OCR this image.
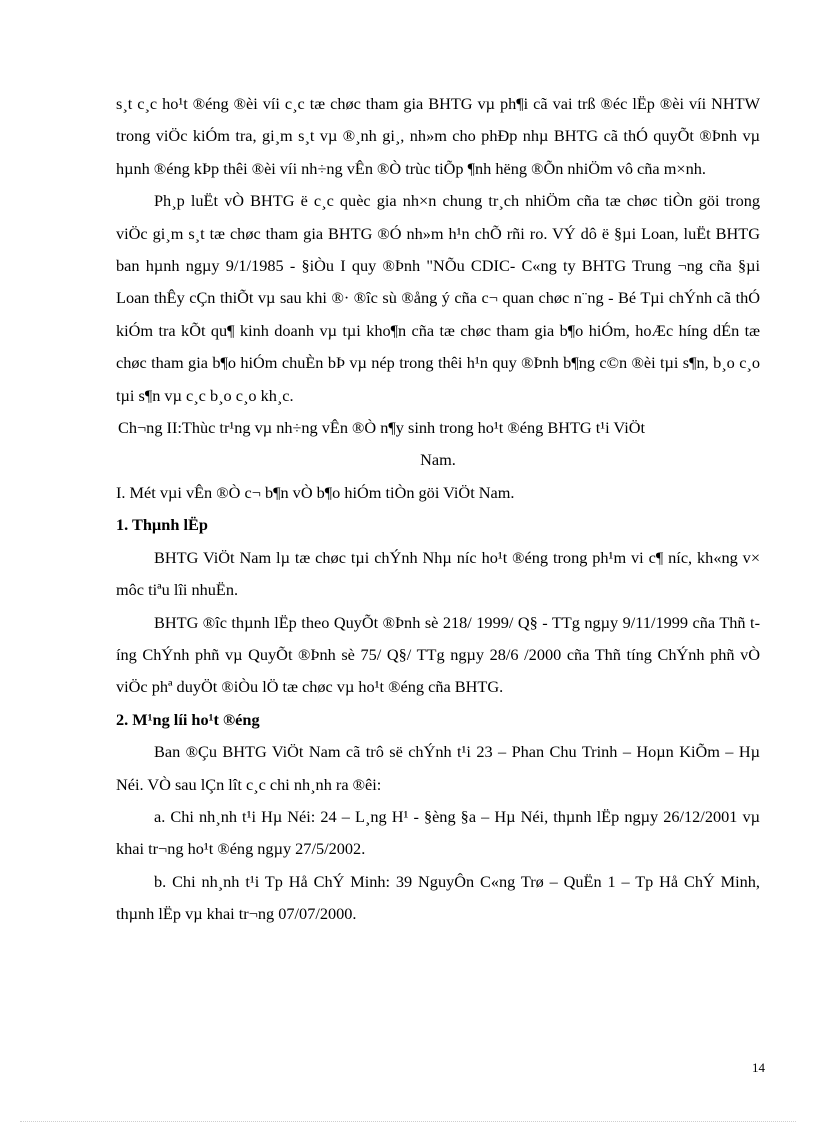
s¸t c¸c ho¹t ®éng ®èi víi c¸c tæ chøc tham gia BHTG vµ ph¶i cã vai trß ®éc lËp ®èi víi NHTW trong viÖc kiÓm tra, gi¸m s¸t vµ ®¸nh gi¸, nh»m cho phÐp nhµ BHTG cã thÓ quyÕt ®Þnh vµ hµnh ®éng kÞp thêi ®èi víi nh÷ng vÊn ®Ò trùc tiÕp ¶nh hëng ®Õn nhiÖm vô cña m×nh.

Ph¸p luËt vÒ BHTG ë c¸c quèc gia nh×n chung tr¸ch nhiÖm cña tæ chøc tiÒn göi trong viÖc gi¸m s¸t tæ chøc tham gia BHTG ®Ó nh»m h¹n chÕ rñi ro. VÝ dô ë §µi Loan, luËt BHTG ban hµnh ngµy 9/1/1985 - §iÒu I quy ®Þnh "NÕu CDIC- C«ng ty BHTG Trung ¬ng cña §µi Loan thÊy cÇn thiÕt vµ sau khi ®· ®îc sù ®ång ý cña c¬ quan chøc n¨ng - Bé Tµi chÝnh cã thÓ kiÓm tra kÕt qu¶ kinh doanh vµ tµi kho¶n cña tæ chøc tham gia b¶o hiÓm, hoÆc híng dÉn tæ chøc tham gia b¶o hiÓm chuÈn bÞ vµ nép trong thêi h¹n quy ®Þnh b¶ng c©n ®èi tµi s¶n, b¸o c¸o tµi s¶n vµ c¸c b¸o c¸o kh¸c.

Ch¬ng II:Thùc tr¹ng vµ nh÷ng vÊn ®Ò n¶y sinh trong ho¹t ®éng BHTG t¹i ViÖt

Nam.

I. Mét vµi vÊn ®Ò c¬ b¶n vÒ b¶o hiÓm tiÒn göi ViÖt Nam.

1. Thµnh lËp

BHTG ViÖt Nam lµ tæ chøc tµi chÝnh Nhµ níc ho¹t ®éng trong ph¹m vi c¶ níc, kh«ng v× môc tiªu lîi nhuËn.

BHTG ®îc thµnh lËp theo QuyÕt ®Þnh sè 218/ 1999/ Q§ - TTg ngµy 9/11/1999 cña Thñ tíng ChÝnh phñ vµ QuyÕt ®Þnh sè 75/ Q§/ TTg ngµy 28/6 /2000 cña Thñ tíng ChÝnh phñ vÒ viÖc phª duyÖt ®iÒu lÖ tæ chøc vµ ho¹t ®éng cña BHTG.

2. M¹ng líi ho¹t ®éng

Ban ®Çu BHTG ViÖt Nam cã trô së chÝnh t¹i 23 – Phan Chu Trinh – Hoµn KiÕm – Hµ Néi. VÒ sau lÇn lît c¸c chi nh¸nh ra ®êi:

a. Chi nh¸nh t¹i Hµ Néi: 24 – L¸ng H¹ - §èng §a – Hµ Néi, thµnh lËp ngµy 26/12/2001 vµ khai tr¬ng ho¹t ®éng ngµy 27/5/2002.

b. Chi nh¸nh t¹i Tp Hå ChÝ Minh: 39 NguyÔn C«ng Trø – QuËn 1 – Tp Hå ChÝ Minh, thµnh lËp vµ khai tr¬ng 07/07/2000.

14
